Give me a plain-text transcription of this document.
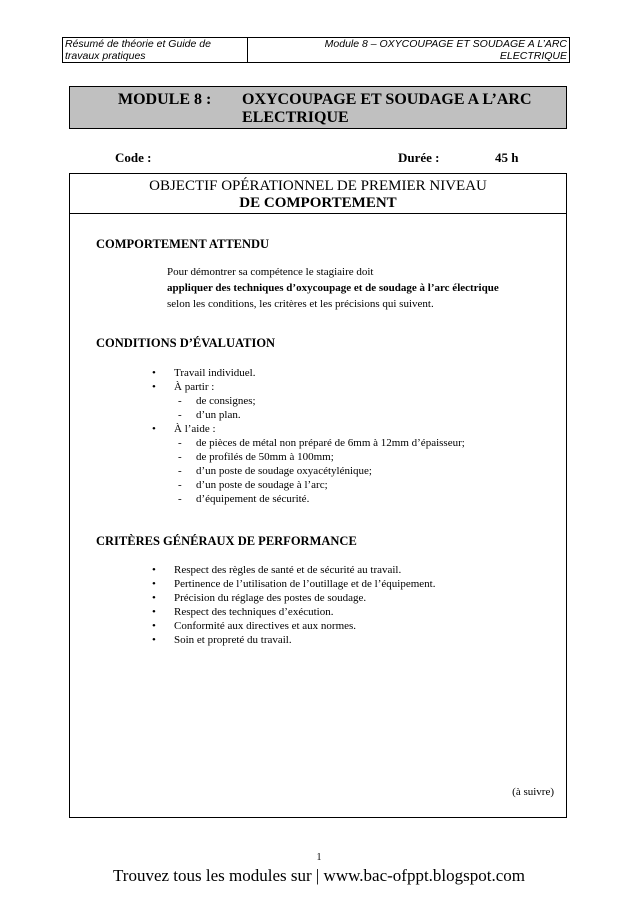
Résumé de théorie et Guide de
travaux pratiques
Module 8 – OXYCOUPAGE ET SOUDAGE A L’ARC
ELECTRIQUE
MODULE 8 : OXYCOUPAGE ET SOUDAGE A L’ARC
ELECTRIQUE
Code :	Durée :	45 h
OBJECTIF OPÉRATIONNEL DE PREMIER NIVEAU
DE COMPORTEMENT
COMPORTEMENT ATTENDU
Pour démontrer sa compétence le stagiaire doit
appliquer des techniques d’oxycoupage et de soudage à l’arc électrique
selon les conditions, les critères et les précisions qui suivent.
CONDITIONS D’ÉVALUATION
• Travail individuel.
• À partir :
- de consignes;
- d’un plan.
• À l’aide :
- de pièces de métal non préparé de 6mm à 12mm d’épaisseur;
- de profilés de 50mm à 100mm;
- d’un poste de soudage oxyacétylénique;
- d’un poste de soudage à l’arc;
- d’équipement de sécurité.
CRITÈRES GÉNÉRAUX DE PERFORMANCE
• Respect des règles de santé et de sécurité au travail.
• Pertinence de l’utilisation de l’outillage et de l’équipement.
• Précision du réglage des postes de soudage.
• Respect des techniques d’exécution.
• Conformité aux directives et aux normes.
• Soin et propreté du travail.
(à suivre)
1
Trouvez tous les modules sur | www.bac-ofppt.blogspot.com
